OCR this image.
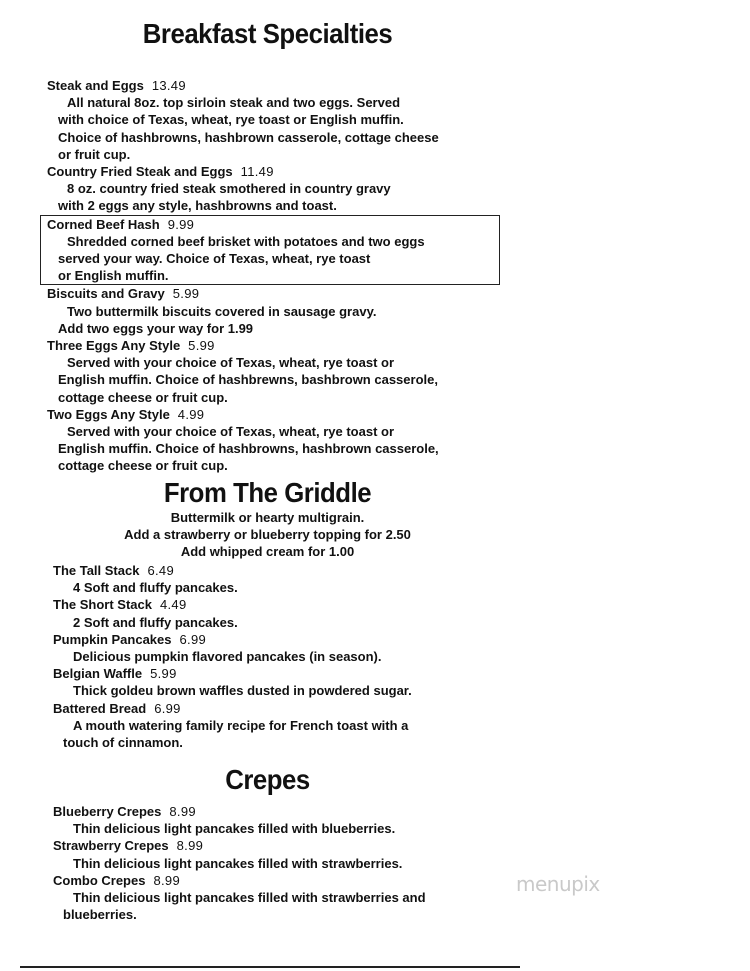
Breakfast Specialties
Steak and Eggs 13.49
All natural 8oz. top sirloin steak and two eggs. Served
with choice of Texas, wheat, rye toast or English muffin.
Choice of hashbrowns, hashbrown casserole, cottage cheese
or fruit cup.
Country Fried Steak and Eggs 11.49
8 oz. country fried steak smothered in country gravy
with 2 eggs any style, hashbrowns and toast.
Corned Beef Hash 9.99
Shredded corned beef brisket with potatoes and two eggs
served your way. Choice of Texas, wheat, rye toast
or English muffin.
Biscuits and Gravy 5.99
Two buttermilk biscuits covered in sausage gravy.
Add two eggs your way for 1.99
Three Eggs Any Style 5.99
Served with your choice of Texas, wheat, rye toast or
English muffin. Choice of hashbrewns, bashbrown casserole,
cottage cheese or fruit cup.
Two Eggs Any Style 4.99
Served with your choice of Texas, wheat, rye toast or
English muffin. Choice of hashbrowns, hashbrown casserole,
cottage cheese or fruit cup.
From The Griddle
Buttermilk or hearty multigrain.
Add a strawberry or blueberry topping for 2.50
Add whipped cream for 1.00
The Tall Stack 6.49
4 Soft and fluffy pancakes.
The Short Stack 4.49
2 Soft and fluffy pancakes.
Pumpkin Pancakes 6.99
Delicious pumpkin flavored pancakes (in season).
Belgian Waffle 5.99
Thick goldeu brown waffles dusted in powdered sugar.
Battered Bread 6.99
A mouth watering family recipe for French toast with a
touch of cinnamon.
Crepes
Blueberry Crepes 8.99
Thin delicious light pancakes filled with blueberries.
Strawberry Crepes 8.99
Thin delicious light pancakes filled with strawberries.
Combo Crepes 8.99
Thin delicious light pancakes filled with strawberries and
blueberries.
menupix
